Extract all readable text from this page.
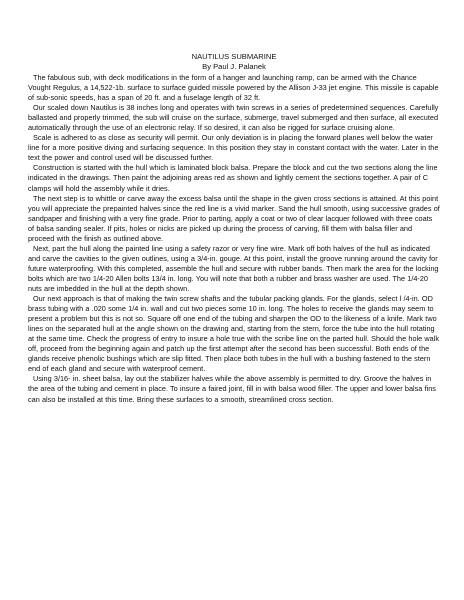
NAUTILUS SUBMARINE
By Paul J. Palanek

The fabulous sub, with deck modifications in the form of a hanger and launching ramp, can be armed with the Chance Vought Regulus, a 14,522-1b. surface to surface guided missile powered by the Allison J-33 jet engine. This missile is capable of sub-sonic speeds, has a span of 20 ft. and a fuselage length of 32 ft.

Our scaled down Nautilus is 38 inches long and operates with twin screws in a series of predetermined sequences. Carefully ballasted and properly trimmed, the sub will cruise on the surface, submerge, travel submerged and then surface, all executed automatically through the use of an electronic relay. If so desired, it can also be rigged for surface cruising alone.

Scale is adhered to as close as security will permit. Our only deviation is in placing the forward planes well below the water line for a more positive diving and surfacing sequence. In this position they stay in constant contact with the water. Later in the text the power and control used will be discussed further.

Construction is started with the hull which is laminated block balsa. Prepare the block and cut the two sections along the line indicated in the drawings. Then paint the adjoining areas red as shown and lightly cement the sections together. A pair of C clamps will hold the assembly while it dries.

The next step is to whittle or carve away the excess balsa until the shape in the given cross sections is attained. At this point you will appreciate the prepainted halves since the red line is a vivid marker. Sand the hull smooth, using successive grades of sandpaper and finishing with a very fine grade. Prior to parting, apply a coat or two of clear lacquer followed with three coats of balsa sanding sealer. If pits, holes or nicks are picked up during the process of carving, fill them with balsa filler and proceed with the finish as outlined above.

Next, part the hull along the painted line using a safety razor or very fine wire. Mark off both halves of the hull as indicated and carve the cavities to the given outlines, using a 3/4-in. gouge. At this point, install the groove running around the cavity for future waterproofing. With this completed, assemble the hull and secure with rubber bands. Then mark the area for the locking bolts which are two 1/4-20 Allen bolts 13/4 in. long. You will note that both a rubber and brass washer are used. The 1/4-20 nuts are imbedded in the hull at the depth shown.

Our next approach is that of making the twin screw shafts and the tubular packing glands. For the glands, select l /4-in. OD brass tubing with a .020 some 1/4 in. wall and cut two pieces some 10 in. long. The holes to receive the glands may seem to present a problem but this is not so. Square off one end of the tubing and sharpen the OD to the likeness of a knife. Mark two lines on the separated hull at the angle shown on the drawing and, starting from the stern, force the tube into the hull rotating at the same time. Check the progress of entry to insure a hole true with the scribe line on the parted hull. Should the hole walk off, proceed from the beginning again and patch up the first attempt after the second has been successful. Both ends of the glands receive phenolic bushings which are slip fitted. Then place both tubes in the hull with a bushing fastened to the stern end of each gland and secure with waterproof cement.

Using 3/16- in. sheet balsa, lay out the stabilizer halves while the above assembly is permitted to dry. Groove the halves in the area of the tubing and cement in place. To insure a faired joint, fill in with balsa wood filler. The upper and lower balsa fins can also be installed at this time. Bring these surfaces to a smooth, streamlined cross section.
